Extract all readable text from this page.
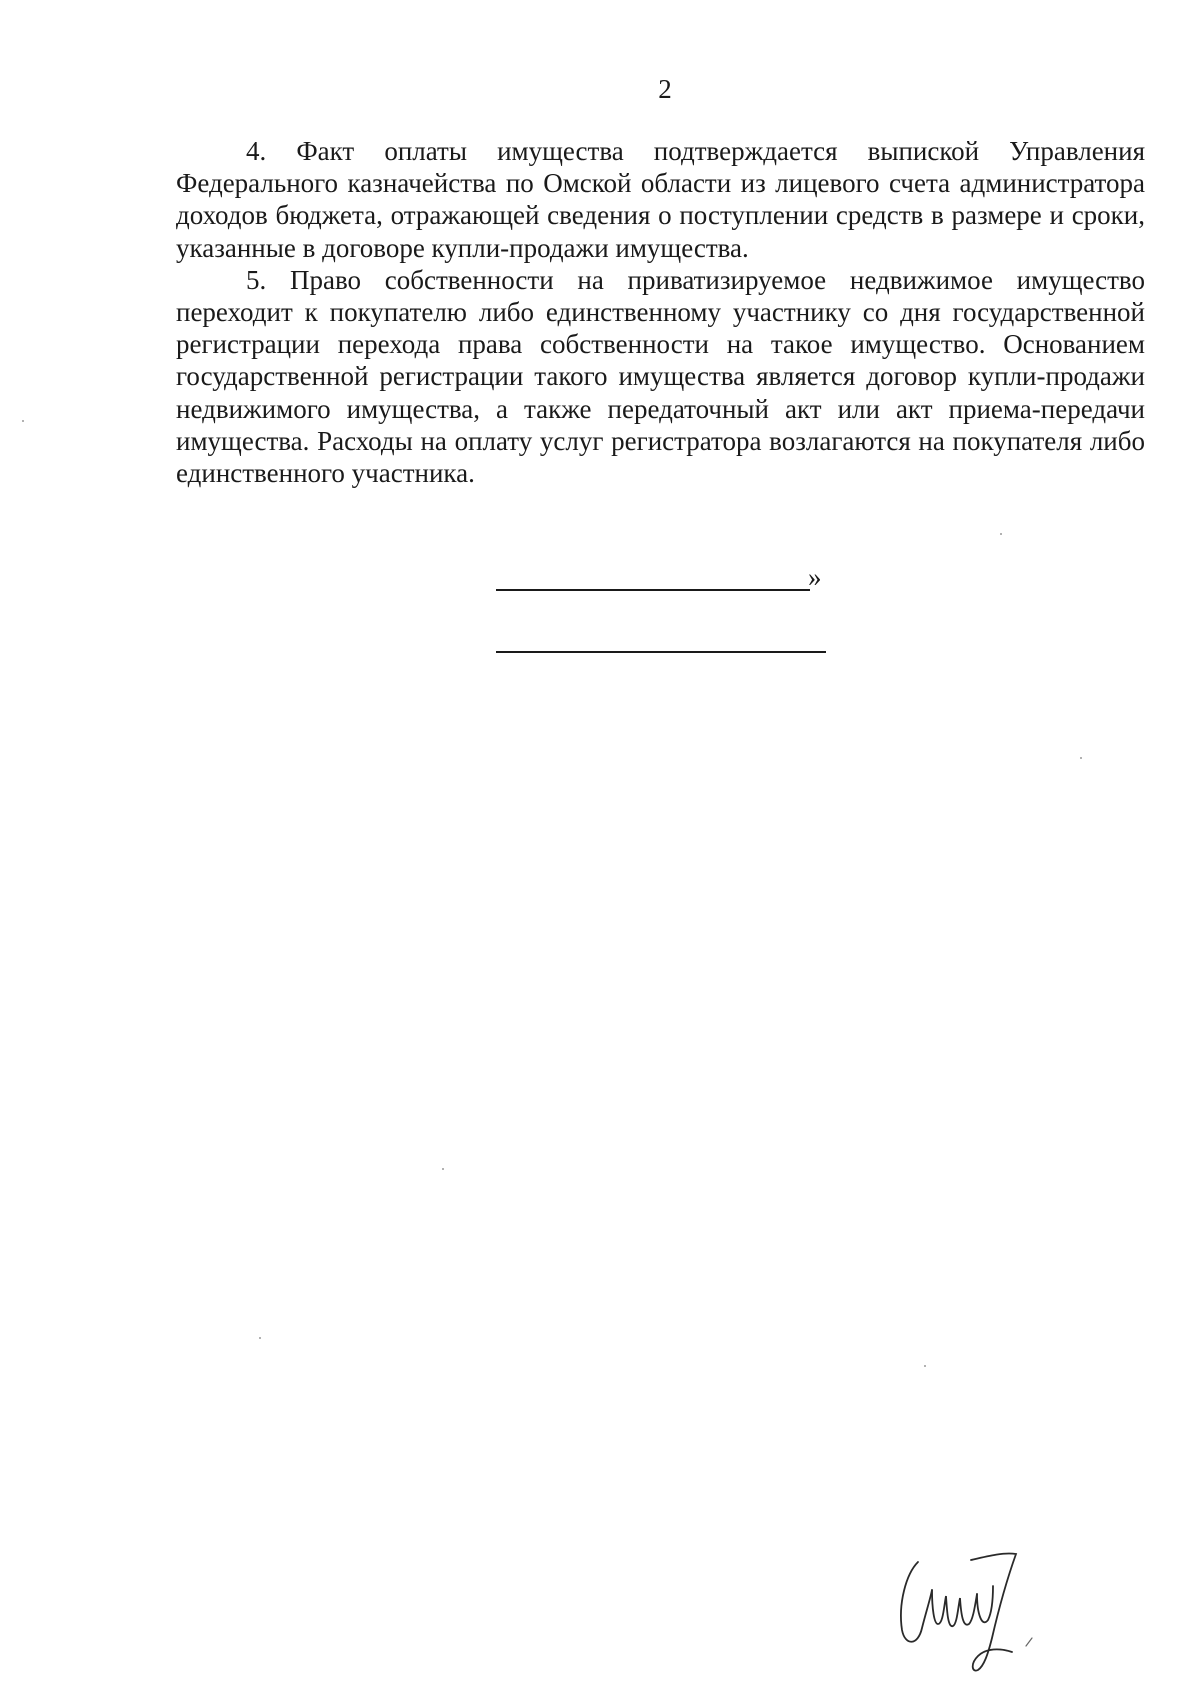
2

4. Факт оплаты имущества подтверждается выпиской Управления Федерального казначейства по Омской области из лицевого счета администратора доходов бюджета, отражающей сведения о поступлении средств в размере и сроки, указанные в договоре купли-продажи имущества.

5. Право собственности на приватизируемое недвижимое имущество переходит к покупателю либо единственному участнику со дня государственной регистрации перехода права собственности на такое имущество. Основанием государственной регистрации такого имущества является договор купли-продажи недвижимого имущества, а также передаточный акт или акт приема-передачи имущества. Расходы на оплату услуг регистратора возлагаются на покупателя либо единственного участника.

»
